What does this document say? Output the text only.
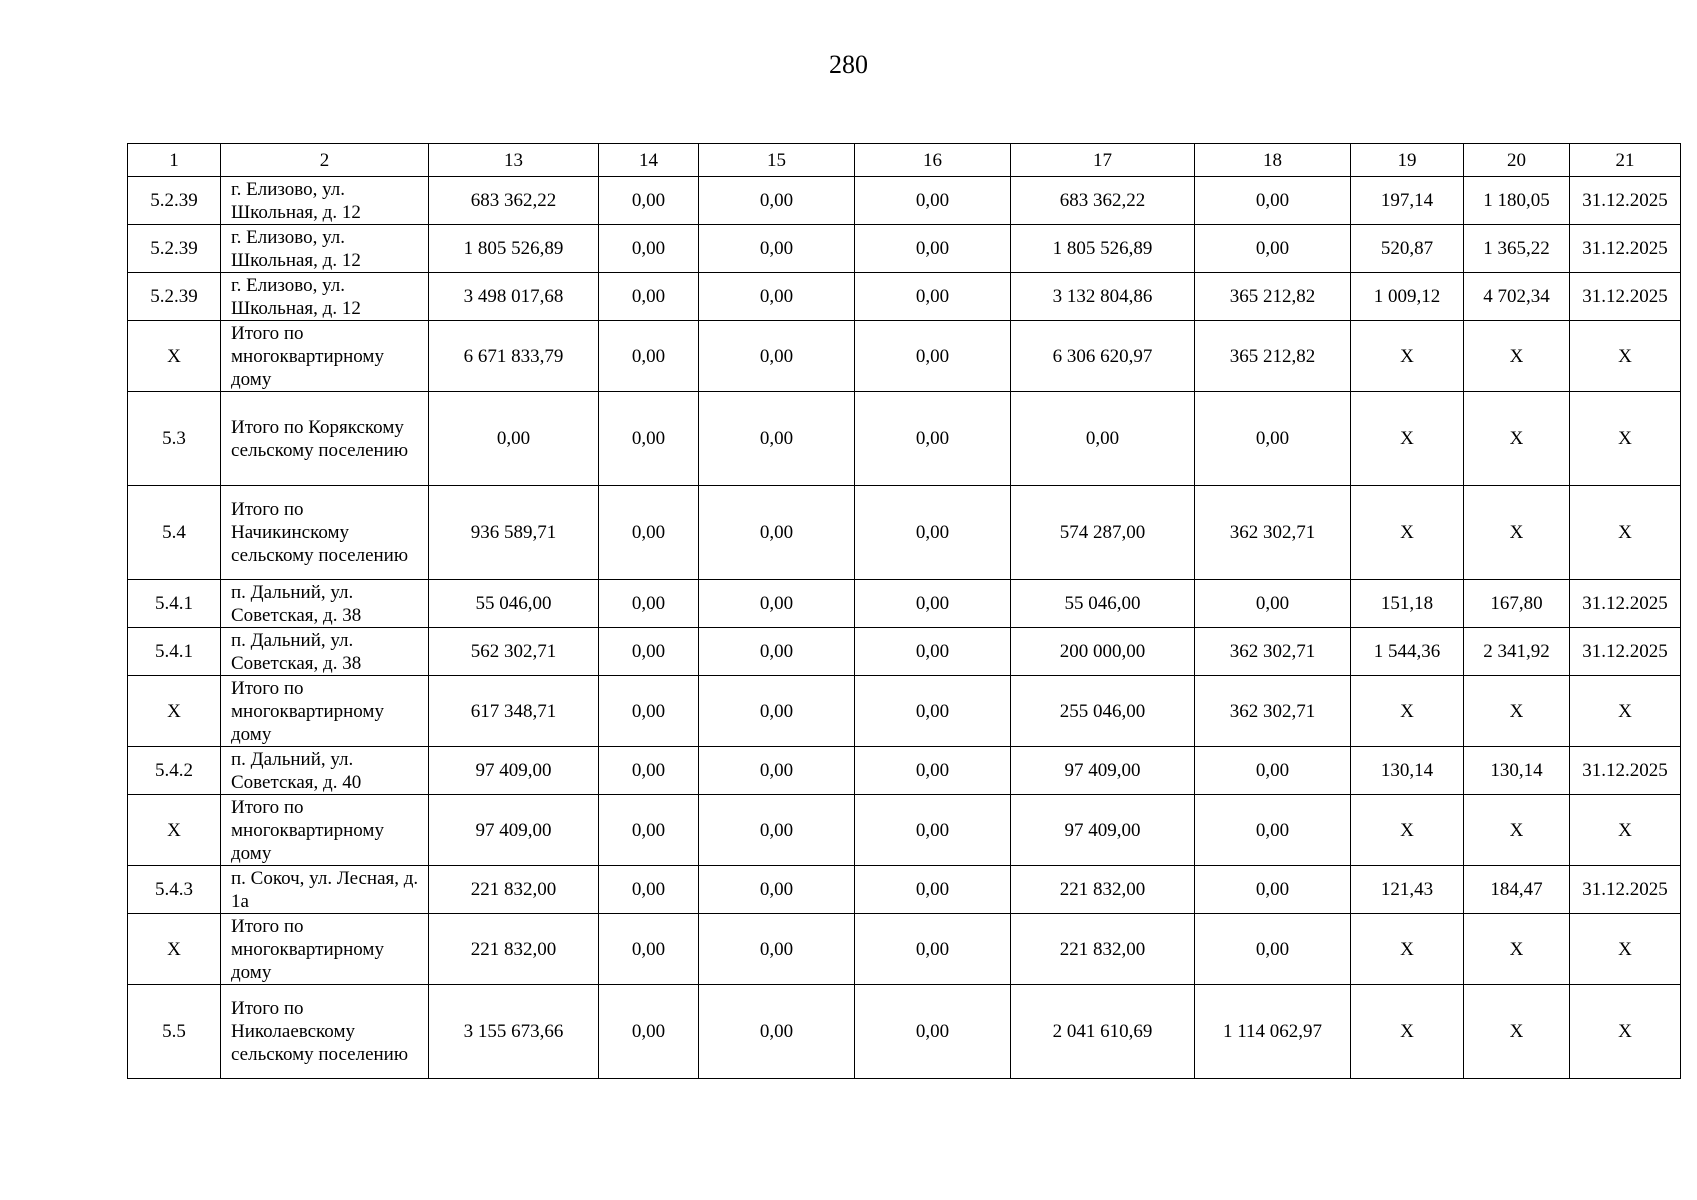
280
1	2	13	14	15	16	17	18	19	20	21
5.2.39	г. Елизово, ул. Школьная, д. 12	683 362,22	0,00	0,00	0,00	683 362,22	0,00	197,14	1 180,05	31.12.2025
5.2.39	г. Елизово, ул. Школьная, д. 12	1 805 526,89	0,00	0,00	0,00	1 805 526,89	0,00	520,87	1 365,22	31.12.2025
5.2.39	г. Елизово, ул. Школьная, д. 12	3 498 017,68	0,00	0,00	0,00	3 132 804,86	365 212,82	1 009,12	4 702,34	31.12.2025
X	Итого по многоквартирному дому	6 671 833,79	0,00	0,00	0,00	6 306 620,97	365 212,82	X	X	X
5.3	Итого по Корякскому сельскому поселению	0,00	0,00	0,00	0,00	0,00	0,00	X	X	X
5.4	Итого по Начикинскому сельскому поселению	936 589,71	0,00	0,00	0,00	574 287,00	362 302,71	X	X	X
5.4.1	п. Дальний, ул. Советская, д. 38	55 046,00	0,00	0,00	0,00	55 046,00	0,00	151,18	167,80	31.12.2025
5.4.1	п. Дальний, ул. Советская, д. 38	562 302,71	0,00	0,00	0,00	200 000,00	362 302,71	1 544,36	2 341,92	31.12.2025
X	Итого по многоквартирному дому	617 348,71	0,00	0,00	0,00	255 046,00	362 302,71	X	X	X
5.4.2	п. Дальний, ул. Советская, д. 40	97 409,00	0,00	0,00	0,00	97 409,00	0,00	130,14	130,14	31.12.2025
X	Итого по многоквартирному дому	97 409,00	0,00	0,00	0,00	97 409,00	0,00	X	X	X
5.4.3	п. Сокоч, ул. Лесная, д. 1а	221 832,00	0,00	0,00	0,00	221 832,00	0,00	121,43	184,47	31.12.2025
X	Итого по многоквартирному дому	221 832,00	0,00	0,00	0,00	221 832,00	0,00	X	X	X
5.5	Итого по Николаевскому сельскому поселению	3 155 673,66	0,00	0,00	0,00	2 041 610,69	1 114 062,97	X	X	X
